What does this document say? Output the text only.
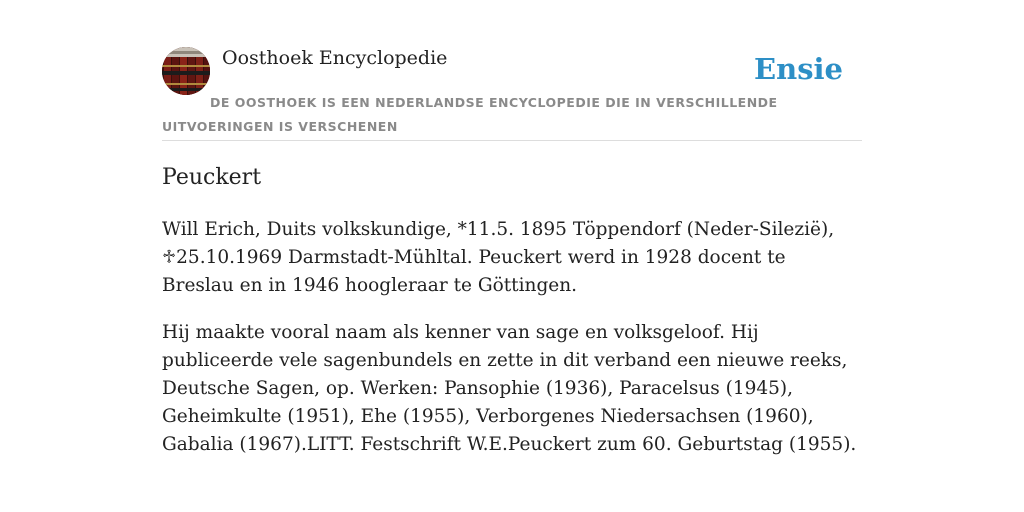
Oosthoek Encyclopedie	Ensie
DE OOSTHOEK IS EEN NEDERLANDSE ENCYCLOPEDIE DIE IN VERSCHILLENDE UITVOERINGEN IS VERSCHENEN
Peuckert

Will Erich, Duits volkskundige, *11.5. 1895 Töppendorf (Neder-Silezië), ♱25.10.1969 Darmstadt-Mühltal. Peuckert werd in 1928 docent te Breslau en in 1946 hoogleraar te Göttingen.

Hij maakte vooral naam als kenner van sage en volksgeloof. Hij publiceerde vele sagenbundels en zette in dit verband een nieuwe reeks, Deutsche Sagen, op. Werken: Pansophie (1936), Paracelsus (1945), Geheimkulte (1951), Ehe (1955), Verborgenes Niedersachsen (1960), Gabalia (1967).LITT. Festschrift W.E.Peuckert zum 60. Geburtstag (1955).
